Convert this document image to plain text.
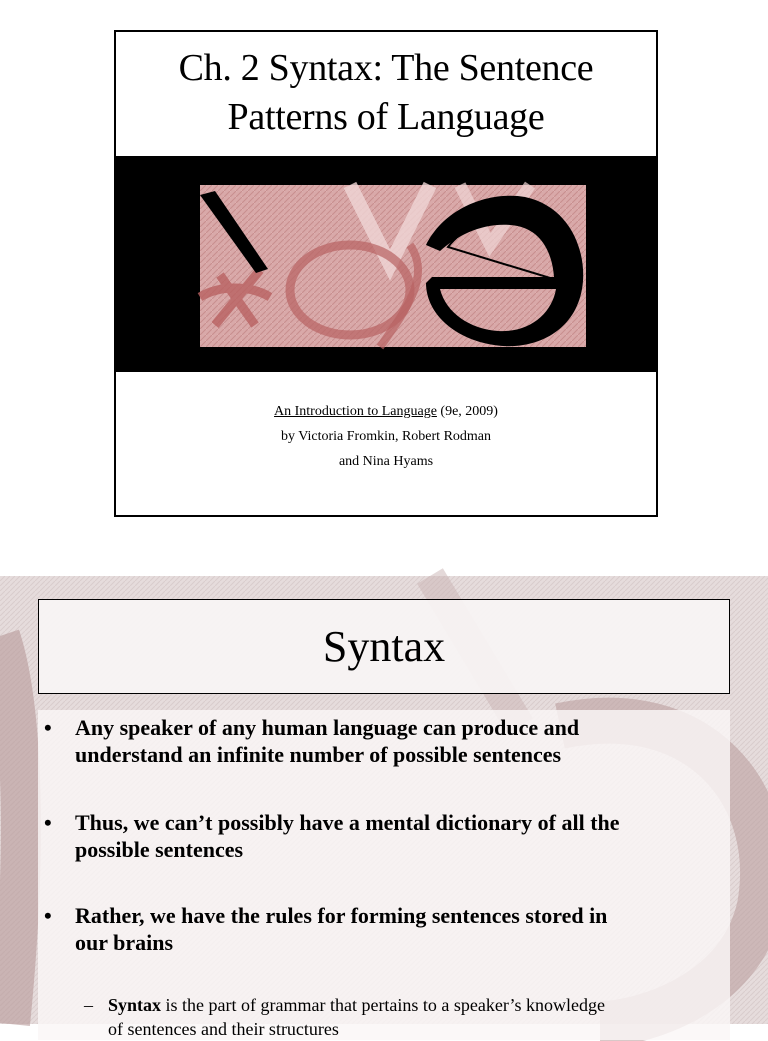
Ch. 2 Syntax: The Sentence
Patterns of Language
An Introduction to Language (9e, 2009)
by Victoria Fromkin, Robert Rodman
and Nina Hyams
Syntax
• Any speaker of any human language can produce and
understand an infinite number of possible sentences
• Thus, we can’t possibly have a mental dictionary of all the
possible sentences
• Rather, we have the rules for forming sentences stored in
our brains
– Syntax is the part of grammar that pertains to a speaker’s knowledge
of sentences and their structures
